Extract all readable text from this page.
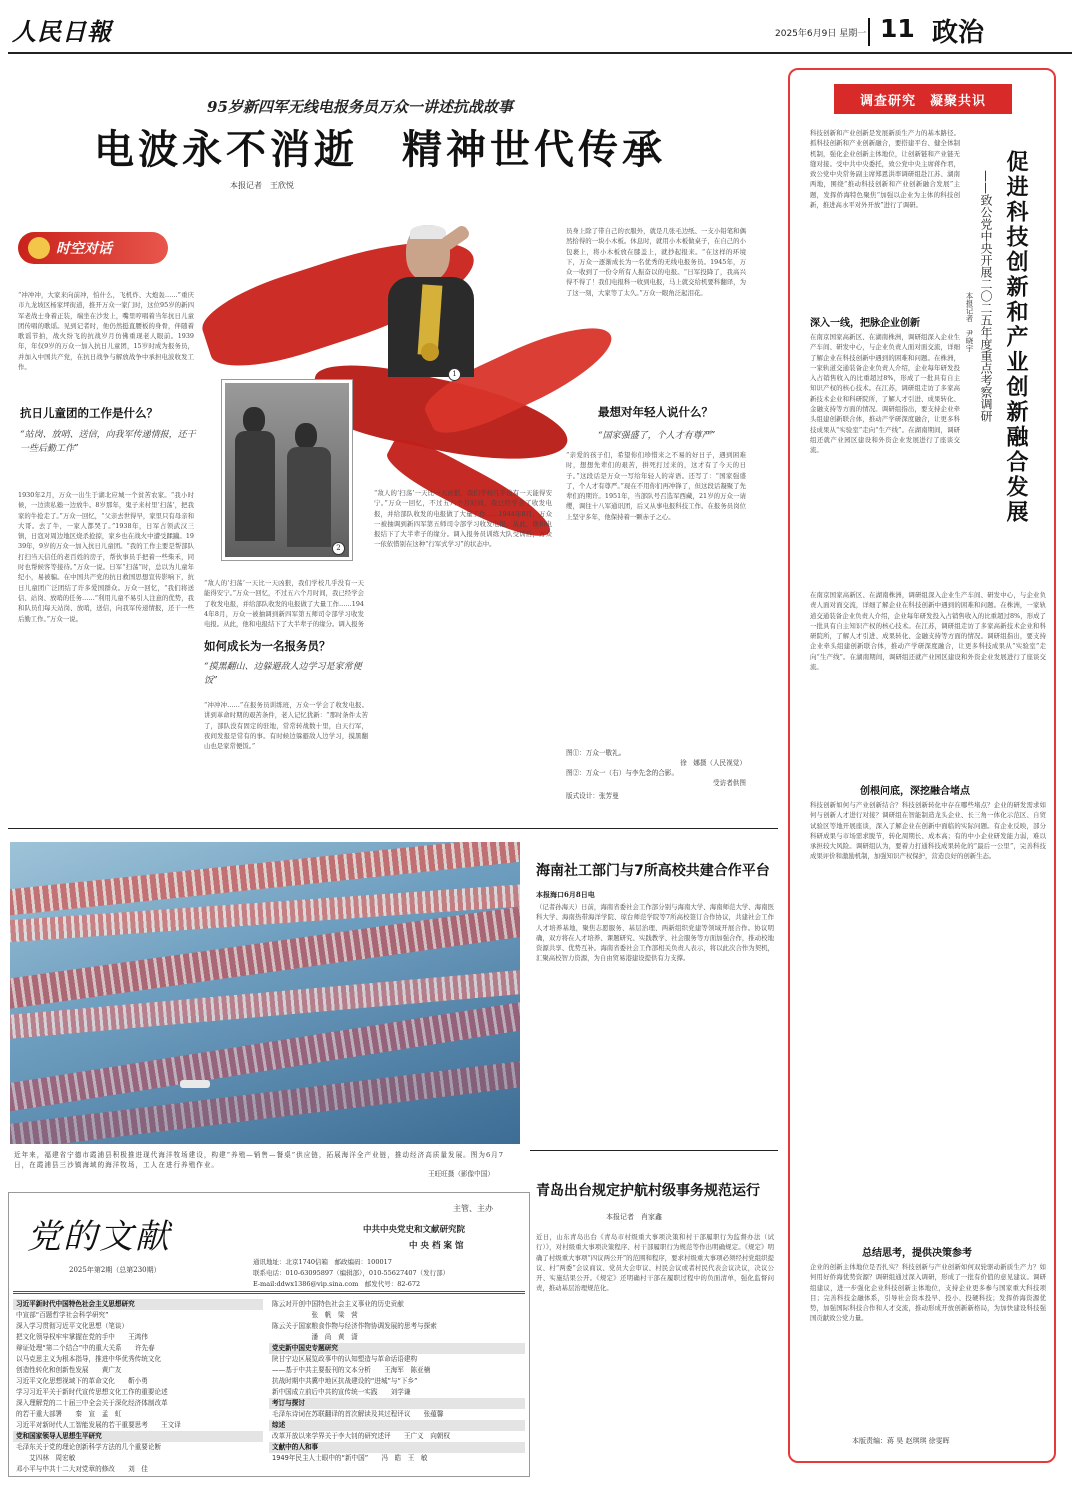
人民日報	2025年6月9日 星期一 11 政治
95岁新四军无线电报务员万众一讲述抗战故事
电波永不消逝　精神世代传承
本报记者　王欣悦
时空对话
1
2
“冲冲冲，大家来向前冲，怕什么，飞机炸、大炮轰……”重庆市九龙坡区杨家坪街道，推开万众一家门时，这位95岁的新四军老战士身着正装，端坐在沙发上，嘴里哼唱着当年抗日儿童团传唱的歌谣。见到记者时，他仍然挺直腰板的身骨，伴随着歌谣节拍，战火纷飞的抗战岁月仿佛重现老人眼前。1939年，年仅9岁的万众一加入抗日儿童团，15岁时成为报务员，并加入中国共产党，在抗日战争与解放战争中承担电波收发工作。
抗日儿童团的工作是什么？
“站岗、放哨、送信，向我军传递情报，还干一些后勤工作”
1930年2月，万众一出生于湖北应城一个贫苦农家。“我小时候，一边读私塾一边放牛。8岁那年，鬼子来村里‘扫荡’，把我家的牛抢走了。”万众一回忆，“父亲去世得早，家里只有母亲和大哥。去了牛，一家人都哭了。”1938年，日军占领武汉三镇，日寇对周边地区烧杀抢掠，家乡也在战火中遭受蹂躏。1939年，9岁的万众一加入抗日儿童团。“我的工作主要是帮部队打扫当天信任的老百姓的房子，帮伙事员手把着一些柴禾，同时也帮候客等接待。”万众一说。日军“扫荡”时，总以为儿童年纪小，易被骗。在中国共产党的抗日救国思想宣传影响下，抗日儿童团广泛团结了许多爱国群众。万众一回忆，“我们将送信、站岗、放哨的任务……“利用儿童不易引人注意的优势，我和队员们每天站岗、放哨，送信，向我军传递情报，还干一些后勤工作。”万众一说。
“敌人的‘扫荡’一天比一天凶狠，我们学校几乎没有一天能得安宁。”万众一回忆，不过五六个月时间，我已经学会了收发电报，并给部队收发的电报做了大量工作……1944年8月，万众一被抽调到新四军第五师司令部学习收发电报。从此，他和电报结下了大半辈子的缘分。调入报务
如何成长为一名报务员？
“摸黑翻山、边躲避敌人边学习是家常便饭”
“冲冲冲……”在报务员训练班，万众一学会了收发电报。讲到革命时期的艰苦条件，老人记忆犹新：“那时条件太苦了，部队没有固定的驻地，常常转战数十里，白天行军，夜间发报是常有的事。有时候边躲避敌人边学习，摸黑翻山也是家常便饭。”
“敌人的‘扫荡’一天比一天凶狠，我们学校几乎没有一天能得安宁。”万众一回忆，不过五六个月时间，我已经学会了收发电报，并给部队收发的电报做了大量工作……1944年8月，万众一被抽调到新四军第五师司令部学习收发电报。从此，他和电报结下了大半辈子的缘分。调入报务员训练大队受训后，万众一依依惜别在这种“行军式学习”的状态中。
员身上除了带自己的衣服外，就是几张毛边纸、一支小铅笔和偶然拾得的一块小木板。休息时，就用小木板做桌子，在自己的小包裹上，将小木板放在膝盖上，就抄起报来。“在这样的环境下，万众一逐渐成长为一名优秀的无线电报务员。1945年，万众一收到了一份令所有人振奋以的电报。“日军投降了，我高兴得不得了！我们电报科一收到电报，马上就交给机要科翻译，为了这一刻，大家等了太久。”万众一眼角泛起泪花。
最想对年轻人说什么？
“国家强盛了，个人才有尊严”
“亲爱的孩子们，希望你们珍惜来之不易的好日子，遇到困难时，想想先辈们的艰苦，拼死打过来的，这才有了今天的日子。”这段话是万众一写给年轻人的寄语。还写了：“国家强盛了，个人才有尊严。”现在不用你们再冲锋了，但这段话凝聚了先辈们的期许。1951年，当部队号召选军西藏，21岁的万众一请缨，调往十八军通讯团，后又从事电报科技工作。在报务员岗位上坚守多年，他保持着一颗赤子之心。
图①：万众一敬礼。
徐　娜摄（人民视觉）
图②：万众一（右）与李先念的合影。
受访者供图
版式设计：张芳曼
调查研究　凝聚共识
促进科技创新和产业创新融合发展
——致公党中央开展二〇二五年度重点考察调研
本报记者　尹晓宇
科技创新和产业创新是发展新质生产力的基本路径。抓科技创新和产业创新融合，要搭建平台、健全体制机制，强化企业创新主体地位，让创新链和产业链无缝对接。受中共中央委托，致公党中央主席蒋作君，致公党中央常务副主席郑恩洪率调研组赴江苏、湖南两地，围绕“推动科技创新和产业创新融合发展”主题，发挥侨海特色聚焦“加强以企业为主体的科技创新，推进高水平对外开放”进行了调研。
深入一线，把脉企业创新
在南京国家高新区、在湖南株洲，调研组深入企业生产车间、研发中心，与企业负责人面对面交流，详细了解企业在科技创新中遇到的困难和问题。在株洲，一家轨道交通装备企业负责人介绍，企业每年研发投入占销售收入的比重超过8%，形成了一批具有自主知识产权的核心技术。在江苏，调研组走访了多家高新技术企业和科研院所，了解人才引进、成果转化、金融支持等方面的情况。调研组指出，要支持企业牵头组建创新联合体，推动产学研深度融合，让更多科技成果从“实验室”走向“生产线”。在湖南期间，调研组还就产业园区建设和外资企业发展进行了座谈交流。
在南京国家高新区、在湖南株洲，调研组深入企业生产车间、研发中心，与企业负责人面对面交流，详细了解企业在科技创新中遇到的困难和问题。在株洲，一家轨道交通装备企业负责人介绍，企业每年研发投入占销售收入的比重超过8%，形成了一批具有自主知识产权的核心技术。在江苏，调研组走访了多家高新技术企业和科研院所，了解人才引进、成果转化、金融支持等方面的情况。调研组指出，要支持企业牵头组建创新联合体，推动产学研深度融合，让更多科技成果从“实验室”走向“生产线”。在湖南期间，调研组还就产业园区建设和外资企业发展进行了座谈交流。
创根问底，深挖融合堵点
科技创新如何与产业创新结合？科技创新转化中存在哪些堵点？企业的研发需求如何与创新人才进行对接？调研组在智能制造龙头企业、长三角一体化示范区、自贸试验区等地开展座谈，深入了解企业在创新中面临的实际问题。有企业反映，部分科研成果与市场需求脱节，转化周期长、成本高；有的中小企业研发能力弱，难以承担较大风险。调研组认为，要着力打通科技成果转化的“最后一公里”，完善科技成果评价和激励机制，加强知识产权保护，营造良好的创新生态。
总结思考，提供决策参考
企业的创新主体地位是否扎实？科技创新与产业创新如何双轮驱动新质生产力？如何用好侨海优势资源？调研组通过深入调研，形成了一批有价值的意见建议。调研组建议，进一步强化企业科技创新主体地位，支持企业更多参与国家重大科技项目；完善科技金融体系，引导社会资本投早、投小、投硬科技；发挥侨海资源优势，加强国际科技合作和人才交流，推动形成开放创新新格局，为加快建设科技强国贡献致公党力量。
本版责编：蒋 昊 赵琪琪 徐雯晖
近年来，福建省宁德市霞浦县积极推进现代海洋牧场建设，构建“养殖—销售—餐桌”供应链，拓展海洋全产业链，推动经济高质量发展。图为6月7日，在霞浦县三沙镇海域的海洋牧场，工人在进行养殖作业。
王旺旺摄（影像中国）
海南社工部门与7所高校共建合作平台
本报海口6月8日电
（记者孙海天）日前，海南省委社会工作部分别与海南大学、海南师范大学、海南医科大学、海南热带海洋学院、琼台师范学院等7所高校签订合作协议，共建社会工作人才培养基地，聚焦志愿服务、基层治理、两新组织党建等领域开展合作。协议明确，双方将在人才培养、课题研究、实践教学、社会服务等方面加强合作，推动校地资源共享、优势互补。海南省委社会工作部相关负责人表示，将以此次合作为契机，汇聚高校智力资源，为自由贸易港建设提供有力支撑。
青岛出台规定护航村级事务规范运行
本报记者　肖家鑫
近日，山东青岛出台《青岛市村级重大事项决策和村干部履职行为监督办法（试行）》，对村级重大事项决策程序、村干部履职行为规范等作出明确规定。《规定》明确了村级重大事项“四议两公开”的范围和程序，要求村级重大事项必须经村党组织提议、村“两委”会议商议、党员大会审议、村民会议或者村民代表会议决议，决议公开、实施结果公开。《规定》还明确村干部在履职过程中的负面清单，强化监督问责，推动基层治理规范化。
党的文献
2025年第2期（总第230期）
主管、主办
中共中央党史和文献研究院
中央档案馆
通讯地址：北京1740信箱　邮政编码：100017
联系电话：010-63095897（编辑部），010-55627407（发行部）
E-mail:ddwx1386@vip.sina.com　邮发代号：82-672
习近平新时代中国特色社会主义思想研究
中宣部“百题哲学社会科学研究”
深入学习贯彻习近平文化思想（笔谈）
把文化领导权牢牢掌握在党的手中　　王鸿伟
辩证处理“第二个结合”中的重大关系　　许先春
以马克思主义为根本指导，推进中华优秀传统文化
创造性转化和创新性发展　　黄广友
习近平文化思想视域下的革命文化　　靳小勇
学习习近平关于新时代宣传思想文化工作的重要论述
深入理解党的二十届三中全会关于深化经济体制改革
的若干重大部署　　秦　宣　孟　虹
习近平对新时代人工智能发展的若干重要思考　　王文译
党和国家领导人思想生平研究
毛泽东关于党的理论创新科学方法的几个重要论断
　　艾四林　周宏敏
邓小平与中共十二大对党章的修改　　刘　佳
陈云对开创中国特色社会主义事业的历史贡献
　　　　　　张　帆　梁　营
陈云关于国家粮食作物与经济作物协调发展的思考与探索
　　　　　　潘　尚　黄　潇
党史新中国史专题研究
陕甘宁边区展览政事中的认知塑造与革命话语建构
——基于中共主要报刊的文本分析　　王海军　陈亚楠
抗战时期中共冀中地区抗战建设的“进城”与“下乡”
新中国成立前后中共的宣传统一实践　　刘学谦
考订与探讨
毛泽东诗词在苏联翻译的首次解读及其过程评议　　张蕴馨
综述
改革开放以来学界关于李大钊的研究述评　　王广义　向朝权
文献中的人和事
1949年民主人士眼中的“新中国”　　冯　皓　王　敏
